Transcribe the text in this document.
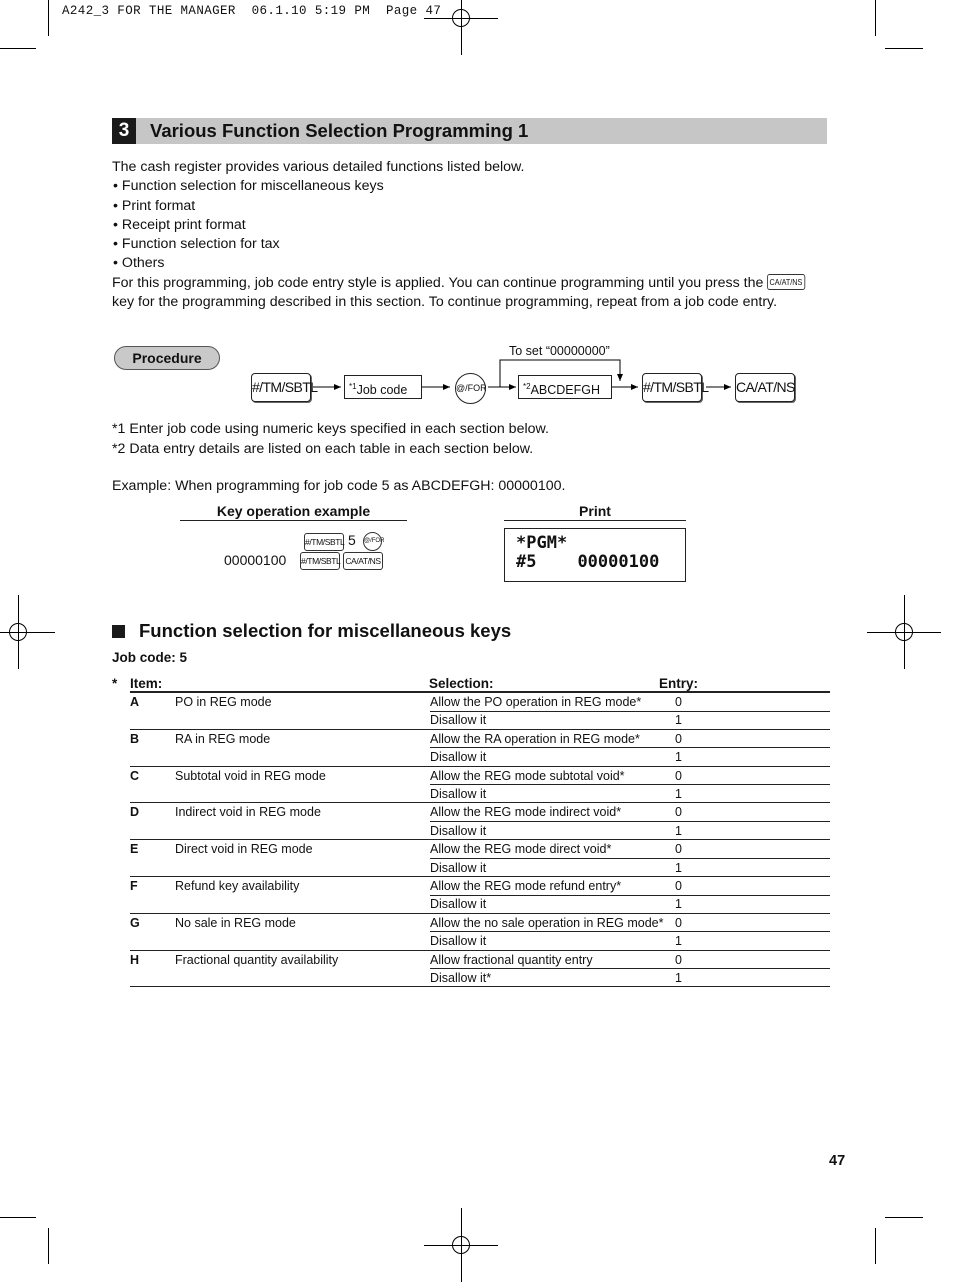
A242_3 FOR THE MANAGER  06.1.10 5:19 PM  Page 47
3	Various Function Selection Programming 1
The cash register provides various detailed functions listed below.
• Function selection for miscellaneous keys
• Print format
• Receipt print format
• Function selection for tax
• Others
For this programming, job code entry style is applied. You can continue programming until you press the CA/AT/NS
key for the programming described in this section. To continue programming, repeat from a job code entry.
Procedure	To set “00000000”
#/TM/SBTL	$^{*1}$Job code	@/FOR	$^{*2}$ABCDEFGH	#/TM/SBTL CA/AT/NS
*1 Enter job code using numeric keys specified in each section below.
*2 Data entry details are listed on each table in each section below.
Example: When programming for job code 5 as ABCDEFGH: 00000100.
Key operation example
#/TM/SBTL 5 @/FOR
00000100 #/TM/SBTL CA/AT/NS
Print
*PGM*
#5 00000100
Function selection for miscellaneous keys
Job code: 5
* Item:	Selection:	Entry:
A	PO in REG mode	Allow the PO operation in REG mode*	0
Disallow it	1
B	RA in REG mode	Allow the RA operation in REG mode*	0
Disallow it	1
C	Subtotal void in REG mode	Allow the REG mode subtotal void*	0
Disallow it	1
D	Indirect void in REG mode	Allow the REG mode indirect void*	0
Disallow it	1
E	Direct void in REG mode	Allow the REG mode direct void*	0
Disallow it	1
F	Refund key availability	Allow the REG mode refund entry*	0
Disallow it	1
G	No sale in REG mode	Allow the no sale operation in REG mode* 0
Disallow it	1
H	Fractional quantity availability	Allow fractional quantity entry	0
Disallow it*	1
47
